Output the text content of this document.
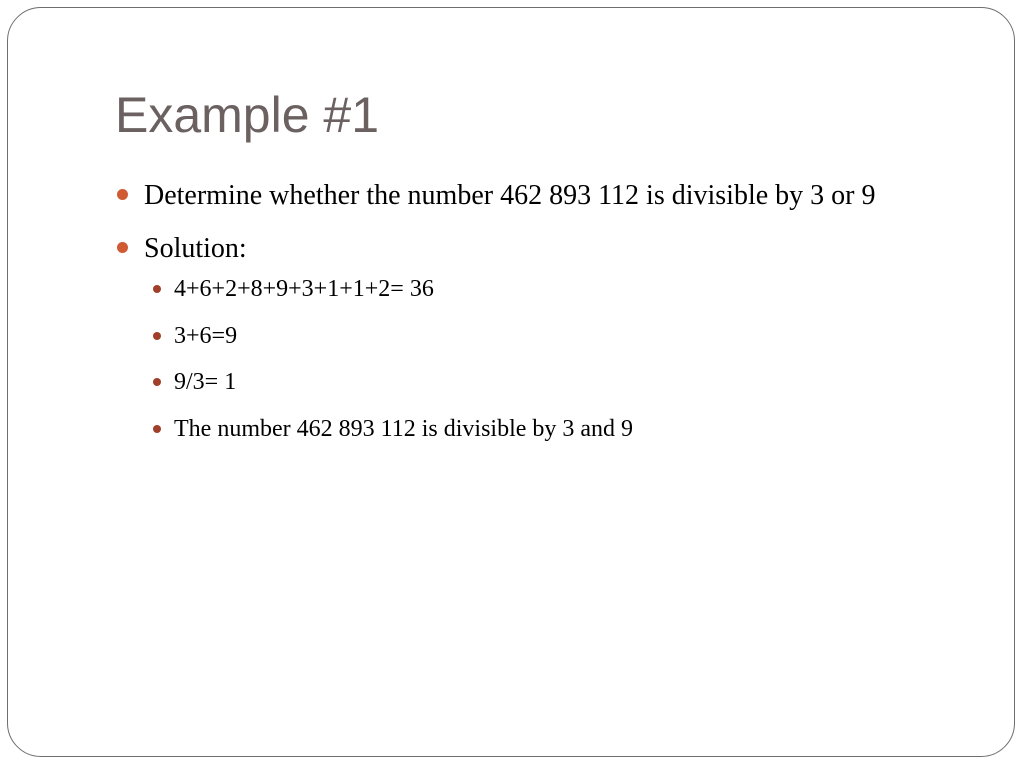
Example #1
Determine whether the number 462 893 112 is divisible by 3 or 9
Solution:
4+6+2+8+9+3+1+1+2= 36
3+6=9
9/3= 1
The number 462 893 112 is divisible by 3 and 9
